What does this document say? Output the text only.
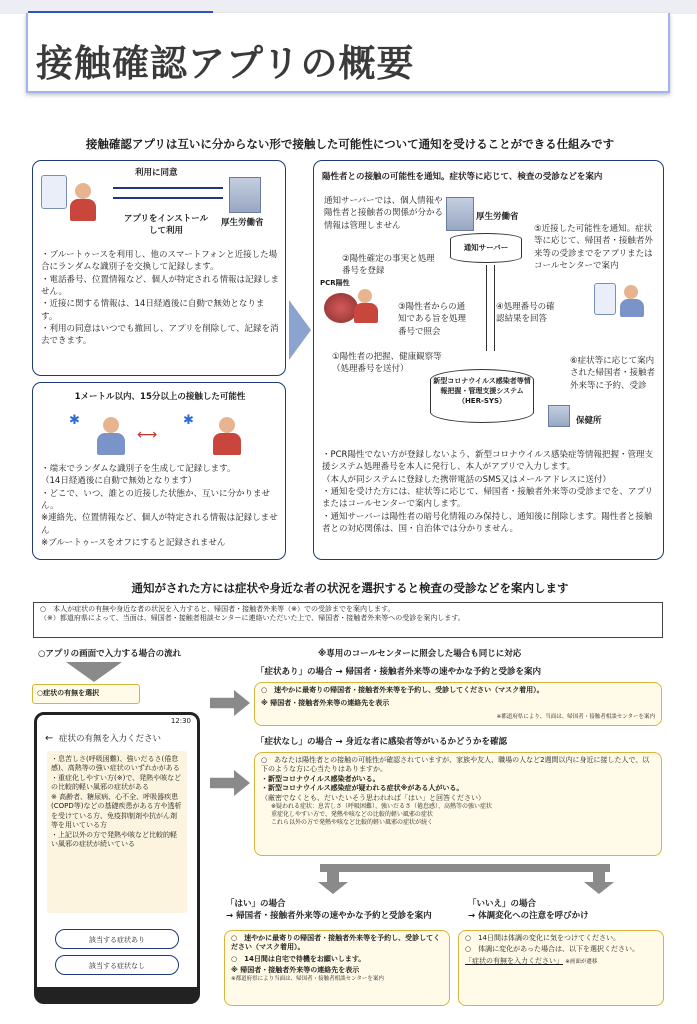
接触確認アプリの概要
接触確認アプリは互いに分からない形で接触した可能性について通知を受けることができる仕組みです
利用に同意
アプリをインストール
して利用
厚生労働省
・ブルートゥースを利用し、他のスマートフォンと近接した場合にランダムな識別子を交換して記録します。
・電話番号、位置情報など、個人が特定される情報は記録しません。
・近接に関する情報は、14日経過後に自動で無効となります。
・利用の同意はいつでも撤回し、アプリを削除して、記録を消去できます。
1メートル以内、15分以上の接触した可能性
✱
⟷
✱
・端末でランダムな識別子を生成して記録します。
（14日経過後に自動で無効となります）
・どこで、いつ、誰との近接した状態か、互いに分かりません。
※連絡先、位置情報など、個人が特定される情報は記録しません
※ブルートゥースをオフにすると記録されません
陽性者との接触の可能性を通知。症状等に応じて、検査の受診などを案内
通知サーバーでは、個人情報や陽性者と接触者の関係が分かる情報は管理しません
厚生労働省
通知サーバー
PCR陽性
②陽性確定の事実と処理番号を登録
③陽性者からの通知である旨を処理番号で照会
④処理番号の確認結果を回答
⑤近接した可能性を通知。症状等に応じて、帰国者・接触者外来等の受診までをアプリまたはコールセンターで案内
①陽性者の把握、健康観察等
（処理番号を送付）
⑥症状等に応じて案内された帰国者・接触者外来等に予約、受診
新型コロナウイルス感染者等情報把握・管理支援システム
（HER-SYS）
保健所
・PCR陽性でない方が登録しないよう、新型コロナウイルス感染症等情報把握・管理支援システム処理番号を本人に発行し、本人がアプリで入力します。
（本人が同システムに登録した携帯電話のSMS又はメールアドレスに送付）
・通知を受けた方には、症状等に応じて、帰国者・接触者外来等の受診までを、アプリまたはコールセンターで案内します。
・通知サーバーは陽性者の暗号化情報のみ保持し、通知後に削除します。陽性者と接触者との対応関係は、国・自治体では分かりません。
通知がされた方には症状や身近な者の状況を選択すると検査の受診などを案内します
○　本人が症状の有無や身近な者の状況を入力すると、帰国者・接触者外来等（※）での受診までを案内します。
（※）都道府県によって、当面は、帰国者・接触者相談センターに連絡いただいた上で、帰国者・接触者外来等への受診を案内します。
○アプリの画面で入力する場合の流れ	※専用のコールセンターに照会した場合も同じに対応
○症状の有無を選択
12:30
← 症状の有無を入力ください
・息苦しさ(呼吸困難)、強いだるさ(倦怠感)、高熱等の強い症状のいずれかがある
・重症化しやすい方(※)で、発熱や咳などの比較的軽い風邪の症状がある
※ 高齢者、糖尿病、心不全、呼吸器疾患(COPD等)などの基礎疾患がある方や透析を受けている方、免疫抑制剤や抗がん剤等を用いている方
・上記以外の方で発熱や咳など比較的軽い風邪の症状が続いている
該当する症状あり
該当する症状なし
「症状あり」の場合 → 帰国者・接触者外来等の速やかな予約と受診を案内
○　速やかに最寄りの帰国者・接触者外来等を予約し、受診してください（マスク着用）。
※ 帰国者・接触者外来等の連絡先を表示
※都道府県により、当面は、帰国者・接触者相談センターを案内
「症状なし」の場合 → 身近な者に感染者等がいるかどうかを確認
○　あなたは陽性者との接触の可能性が確認されていますが、家族や友人、職場の人など2週間以内に身近に接した人で、以下のような方に心当たりはありますか。
・新型コロナウイルス感染者がいる。
・新型コロナウイルス感染症が疑われる症状※がある人がいる。
（厳密でなくとも、だいたいそう思われれば「はい」と回答ください）
※疑われる症状：息苦しさ（呼吸困難）、強いだるさ（倦怠感）、高熱等の強い症状
重症化しやすい方で、発熱や咳などの比較的軽い風邪の症状
これら以外の方で発熱や咳など比較的軽い風邪の症状が続く
「はい」の場合
→ 帰国者・接触者外来等の速やかな予約と受診を案内
○　速やかに最寄りの帰国者・接触者外来等を予約し、受診してください（マスク着用）。
○　14日間は自宅で待機をお願いします。
※ 帰国者・接触者外来等の連絡先を表示
※都道府県により当面は、帰国者・接触者相談センターを案内
「いいえ」の場合
→ 体調変化への注意を呼びかけ
○　14日間は体調の変化に気をつけてください。
○　体調に変化があった場合は、以下を選択ください。
「症状の有無を入力ください」 ※画面が遷移
